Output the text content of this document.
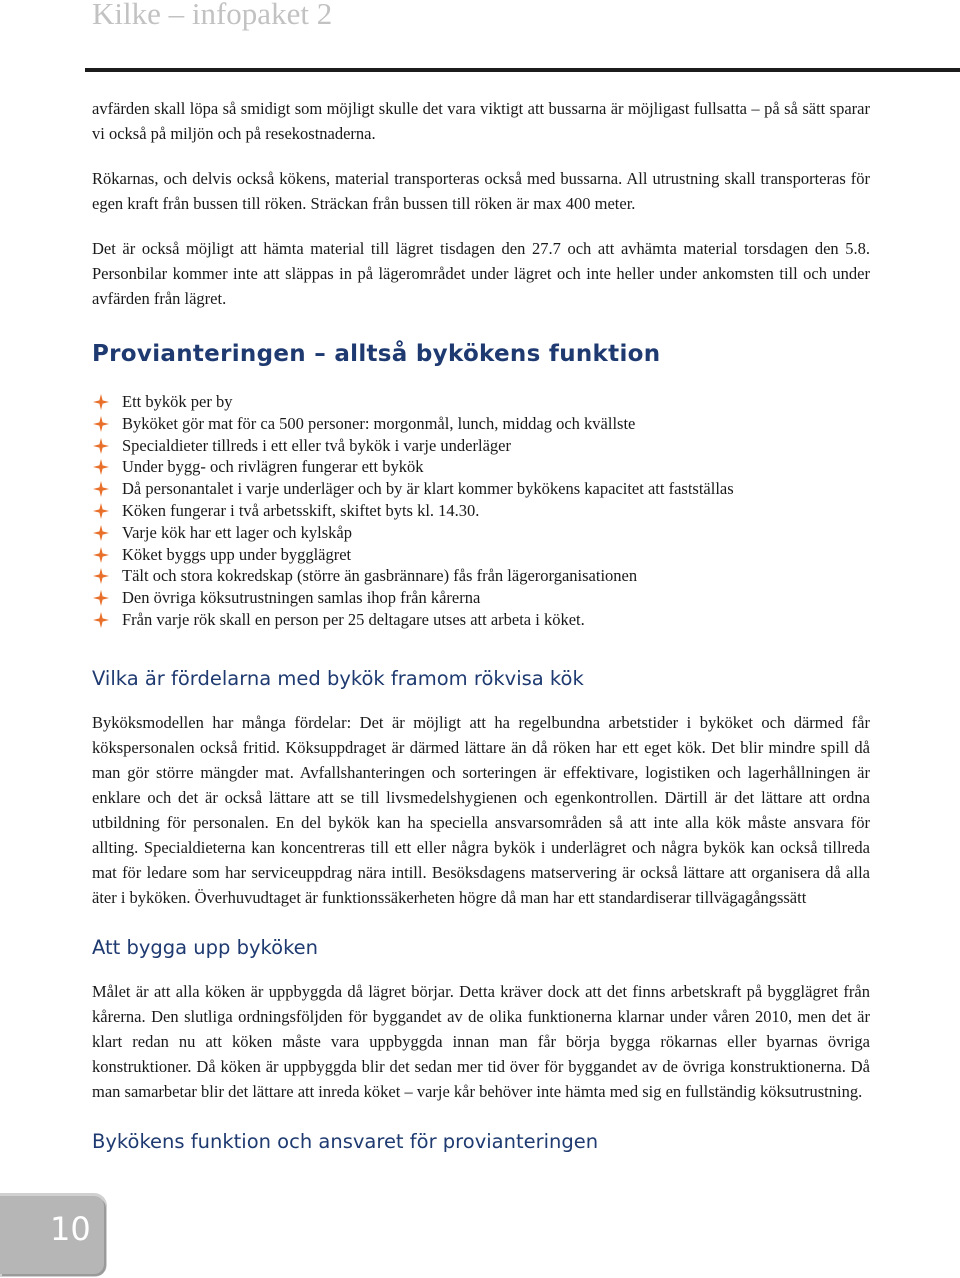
Kilke – infopaket 2

avfärden skall löpa så smidigt som möjligt skulle det vara viktigt att bussarna är möjligast fullsatta – på så sätt sparar vi också på miljön och på resekostnaderna.

Rökarnas, och delvis också kökens, material transporteras också med bussarna. All utrustning skall transporteras för egen kraft från bussen till röken. Sträckan från bussen till röken är max 400 meter.

Det är också möjligt att hämta material till lägret tisdagen den 27.7 och att avhämta material torsdagen den 5.8. Personbilar kommer inte att släppas in på lägerområdet under lägret och inte heller under ankomsten till och under avfärden från lägret.

Provianteringen – alltså bykökens funktion
Ett bykök per by
Byköket gör mat för ca 500 personer: morgonmål, lunch, middag och kvällste
Specialdieter tillreds i ett eller två bykök i varje underläger
Under bygg- och rivlägren fungerar ett bykök
Då personantalet i varje underläger och by är klart kommer bykökens kapacitet att fastställas
Köken fungerar i två arbetsskift, skiftet byts kl. 14.30.
Varje kök har ett lager och kylskåp
Köket byggs upp under bygglägret
Tält och stora kokredskap (större än gasbrännare) fås från lägerorganisationen
Den övriga köksutrustningen samlas ihop från kårerna
Från varje rök skall en person per 25 deltagare utses att arbeta i köket.
Vilka är fördelarna med bykök framom rökvisa kök

Byköksmodellen har många fördelar: Det är möjligt att ha regelbundna arbetstider i byköket och därmed får kökspersonalen också fritid. Köksuppdraget är därmed lättare än då röken har ett eget kök. Det blir mindre spill då man gör större mängder mat. Avfallshanteringen och sorteringen är effektivare, logistiken och lagerhållningen är enklare och det är också lättare att se till livsmedelshygienen och egenkontrollen. Därtill är det lättare att ordna utbildning för personalen. En del bykök kan ha speciella ansvarsområden så att inte alla kök måste ansvara för allting. Specialdieterna kan koncentreras till ett eller några bykök i underlägret och några bykök kan också tillreda mat för ledare som har serviceuppdrag nära intill. Besöksdagens matservering är också lättare att organisera då alla äter i byköken. Överhuvudtaget är funktionssäkerheten högre då man har ett standardiserar tillvägagångssätt

Att bygga upp byköken

Målet är att alla köken är uppbyggda då lägret börjar. Detta kräver dock att det finns arbetskraft på bygglägret från kårerna. Den slutliga ordningsföljden för byggandet av de olika funktionerna klarnar under våren 2010, men det är klart redan nu att köken måste vara uppbyggda innan man får börja bygga rökarnas eller byarnas övriga konstruktioner. Då köken är uppbyggda blir det sedan mer tid över för byggandet av de övriga konstruktionerna. Då man samarbetar blir det lättare att inreda köket – varje kår behöver inte hämta med sig en fullständig köksutrustning.

Bykökens funktion och ansvaret för provianteringen
10
